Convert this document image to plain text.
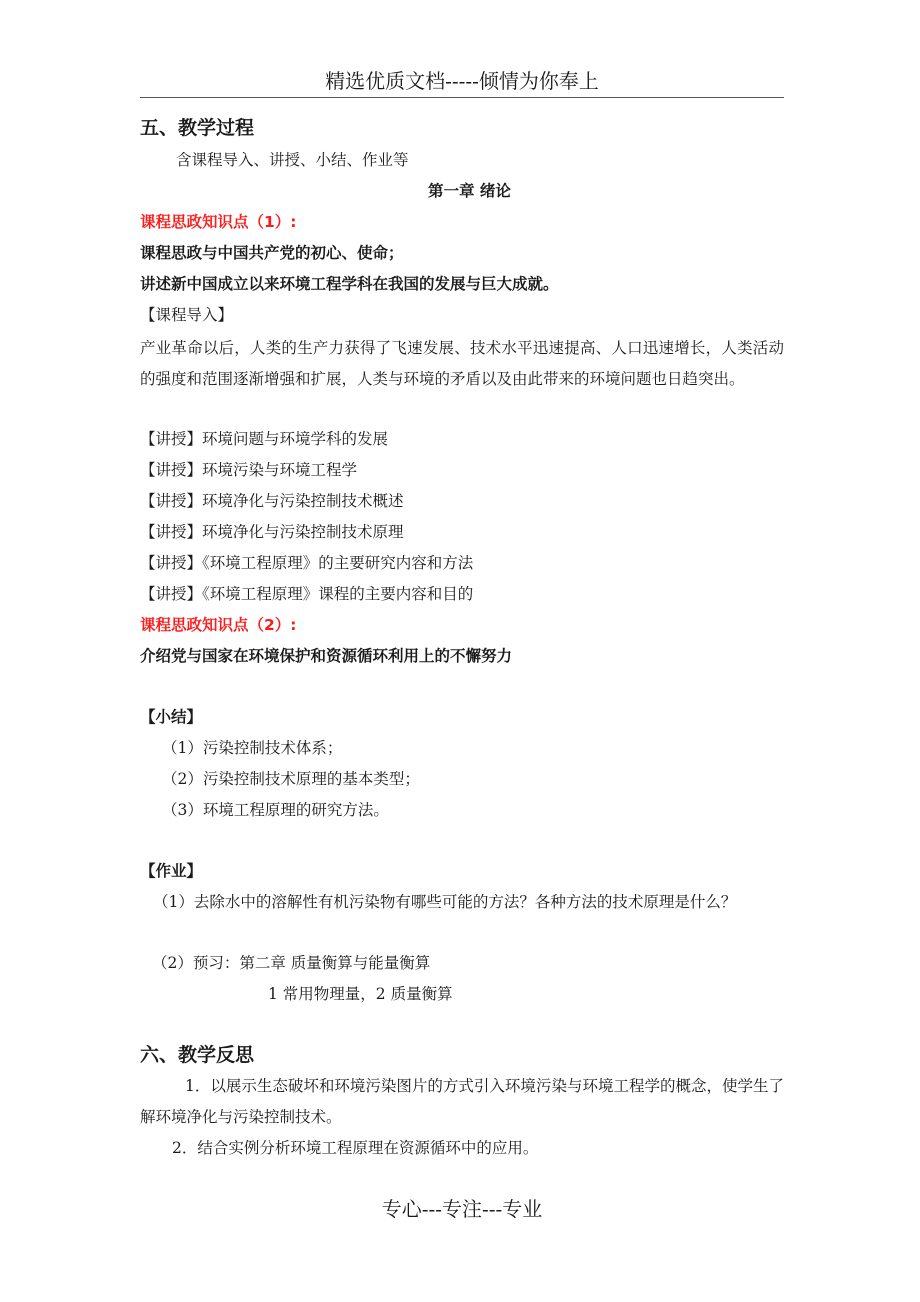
精选优质文档-----倾情为你奉上
五、教学过程
含课程导入、讲授、小结、作业等
第一章 绪论
课程思政知识点（1）:
课程思政与中国共产党的初心、使命；
讲述新中国成立以来环境工程学科在我国的发展与巨大成就。
【课程导入】
产业革命以后，人类的生产力获得了飞速发展、技术水平迅速提高、人口迅速增长，人类活动的强度和范围逐渐增强和扩展，人类与环境的矛盾以及由此带来的环境问题也日趋突出。
【讲授】环境问题与环境学科的发展
【讲授】环境污染与环境工程学
【讲授】环境净化与污染控制技术概述
【讲授】环境净化与污染控制技术原理
【讲授】《环境工程原理》的主要研究内容和方法
【讲授】《环境工程原理》课程的主要内容和目的
课程思政知识点（2）:
介绍党与国家在环境保护和资源循环利用上的不懈努力
【小结】
（1）污染控制技术体系；
（2）污染控制技术原理的基本类型；
（3）环境工程原理的研究方法。
【作业】
（1）去除水中的溶解性有机污染物有哪些可能的方法？各种方法的技术原理是什么？
（2）预习：第二章 质量衡算与能量衡算
1 常用物理量，2 质量衡算
六、教学反思
1．以展示生态破坏和环境污染图片的方式引入环境污染与环境工程学的概念，使学生了解环境净化与污染控制技术。
2．结合实例分析环境工程原理在资源循环中的应用。
专心---专注---专业
